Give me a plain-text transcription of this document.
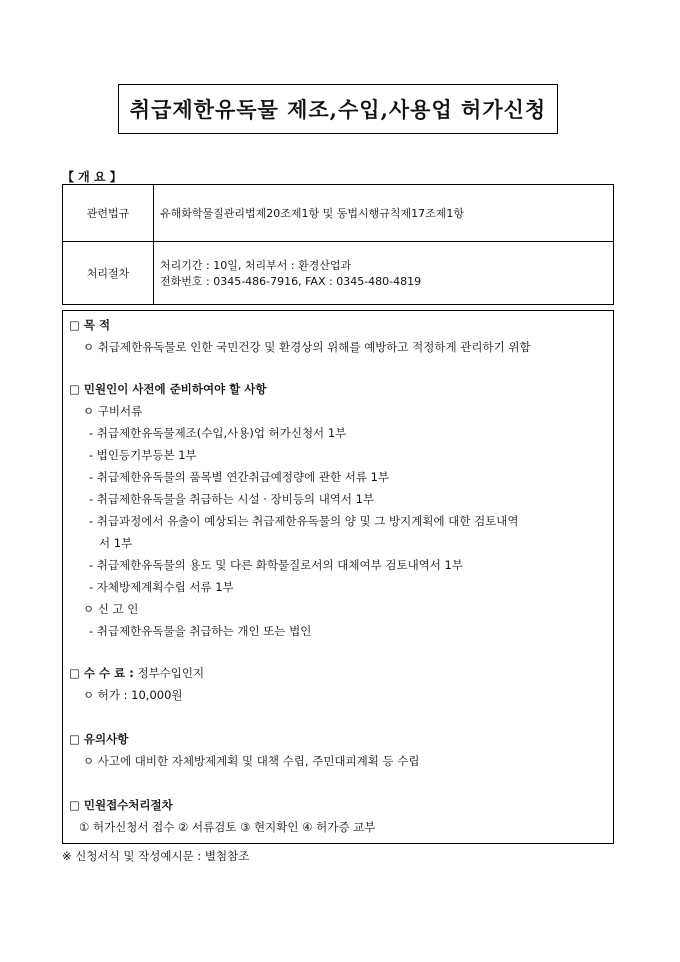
취급제한유독물 제조,수입,사용업 허가신청
【 개 요 】
관련법규	유해화학물질관리법제20조제1항 및 동법시행규칙제17조제1항
처리절차	처리기간 : 10일, 처리부서 : 환경산업과
전화번호 : 0345-486-7916, FAX : 0345-480-4819
□ 목 적
ㅇ 취급제한유독물로 인한 국민건강 및 환경상의 위해를 예방하고 적정하게 관리하기 위함
□ 민원인이 사전에 준비하여야 할 사항
ㅇ 구비서류
- 취급제한유독물제조(수입,사용)업 허가신청서 1부
- 법인등기부등본 1부
- 취급제한유독물의 품목별 연간취급예정량에 관한 서류 1부
- 취급제한유독물을 취급하는 시설 · 장비등의 내역서 1부
- 취급과정에서 유출이 예상되는 취급제한유독물의 양 및 그 방지계획에 대한 검토내역
서 1부
- 취급제한유독물의 용도 및 다른 화학물질로서의 대체여부 검토내역서 1부
- 자체방제계획수립 서류 1부
ㅇ 신 고 인
- 취급제한유독물을 취급하는 개인 또는 법인
□ 수 수 료 : 정부수입인지
ㅇ 허가 : 10,000원
□ 유의사항
ㅇ 사고에 대비한 자체방제계획 및 대책 수립, 주민대피계획 등 수립
□ 민원접수처리절차
① 허가신청서 접수 ② 서류검토 ③ 현지확인 ④ 허가증 교부
※ 신청서식 및 작성예시문 : 별첨참조
